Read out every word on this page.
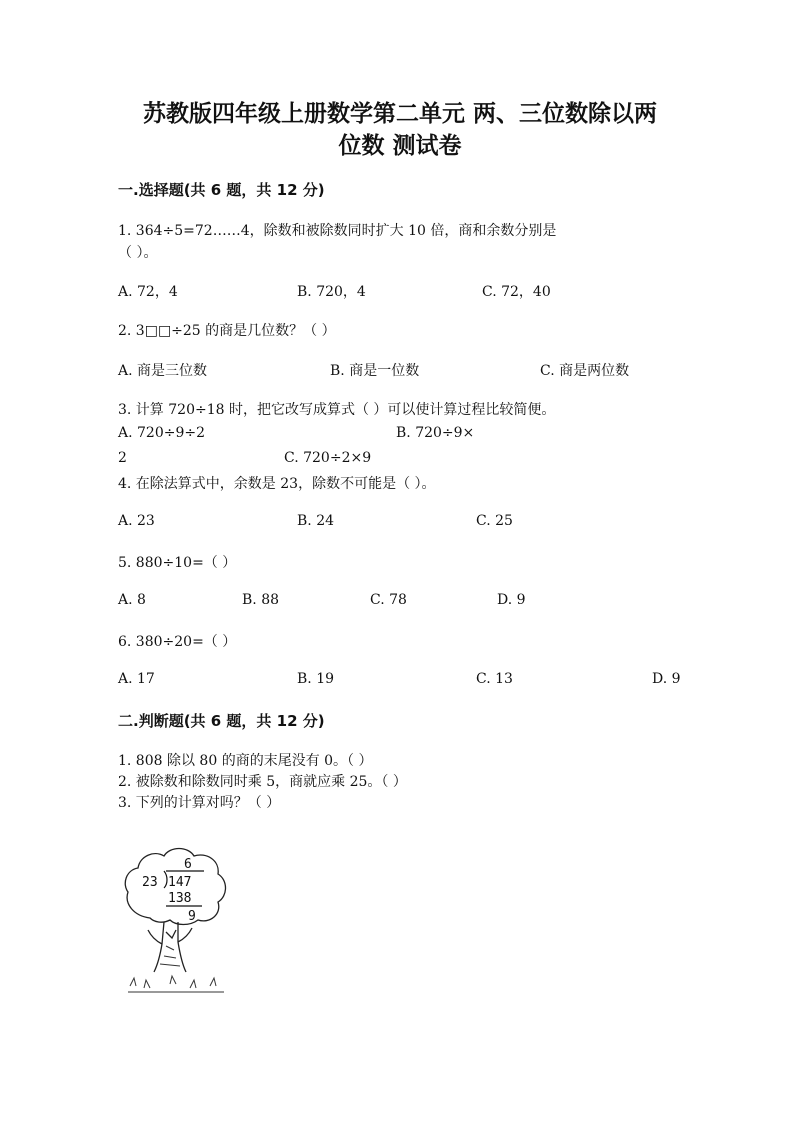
苏教版四年级上册数学第二单元 两、三位数除以两
位数 测试卷
一.选择题(共 6 题，共 12 分)
1. 364÷5=72……4，除数和被除数同时扩大 10 倍，商和余数分别是
（ ）。
A. 72，4	B. 720，4	C. 72，40
2. 3□□÷25 的商是几位数？（ ）
A. 商是三位数	B. 商是一位数	C. 商是两位数
3. 计算 720÷18 时，把它改写成算式（ ）可以使计算过程比较简便。
A. 720÷9÷2	B. 720÷9×
2	C. 720÷2×9
4. 在除法算式中，余数是 23，除数不可能是（ ）。
A. 23	B. 24	C. 25
5. 880÷10=（ ）
A. 8	B. 88	C. 78	D. 9
6. 380÷20=（ ）
A. 17	B. 19	C. 13	D. 9
二.判断题(共 6 题，共 12 分)
1. 808 除以 80 的商的末尾没有 0。（ ）
2. 被除数和除数同时乘 5，商就应乘 25。（ ）
3. 下列的计算对吗？（ ）
6
23 147
138
9
